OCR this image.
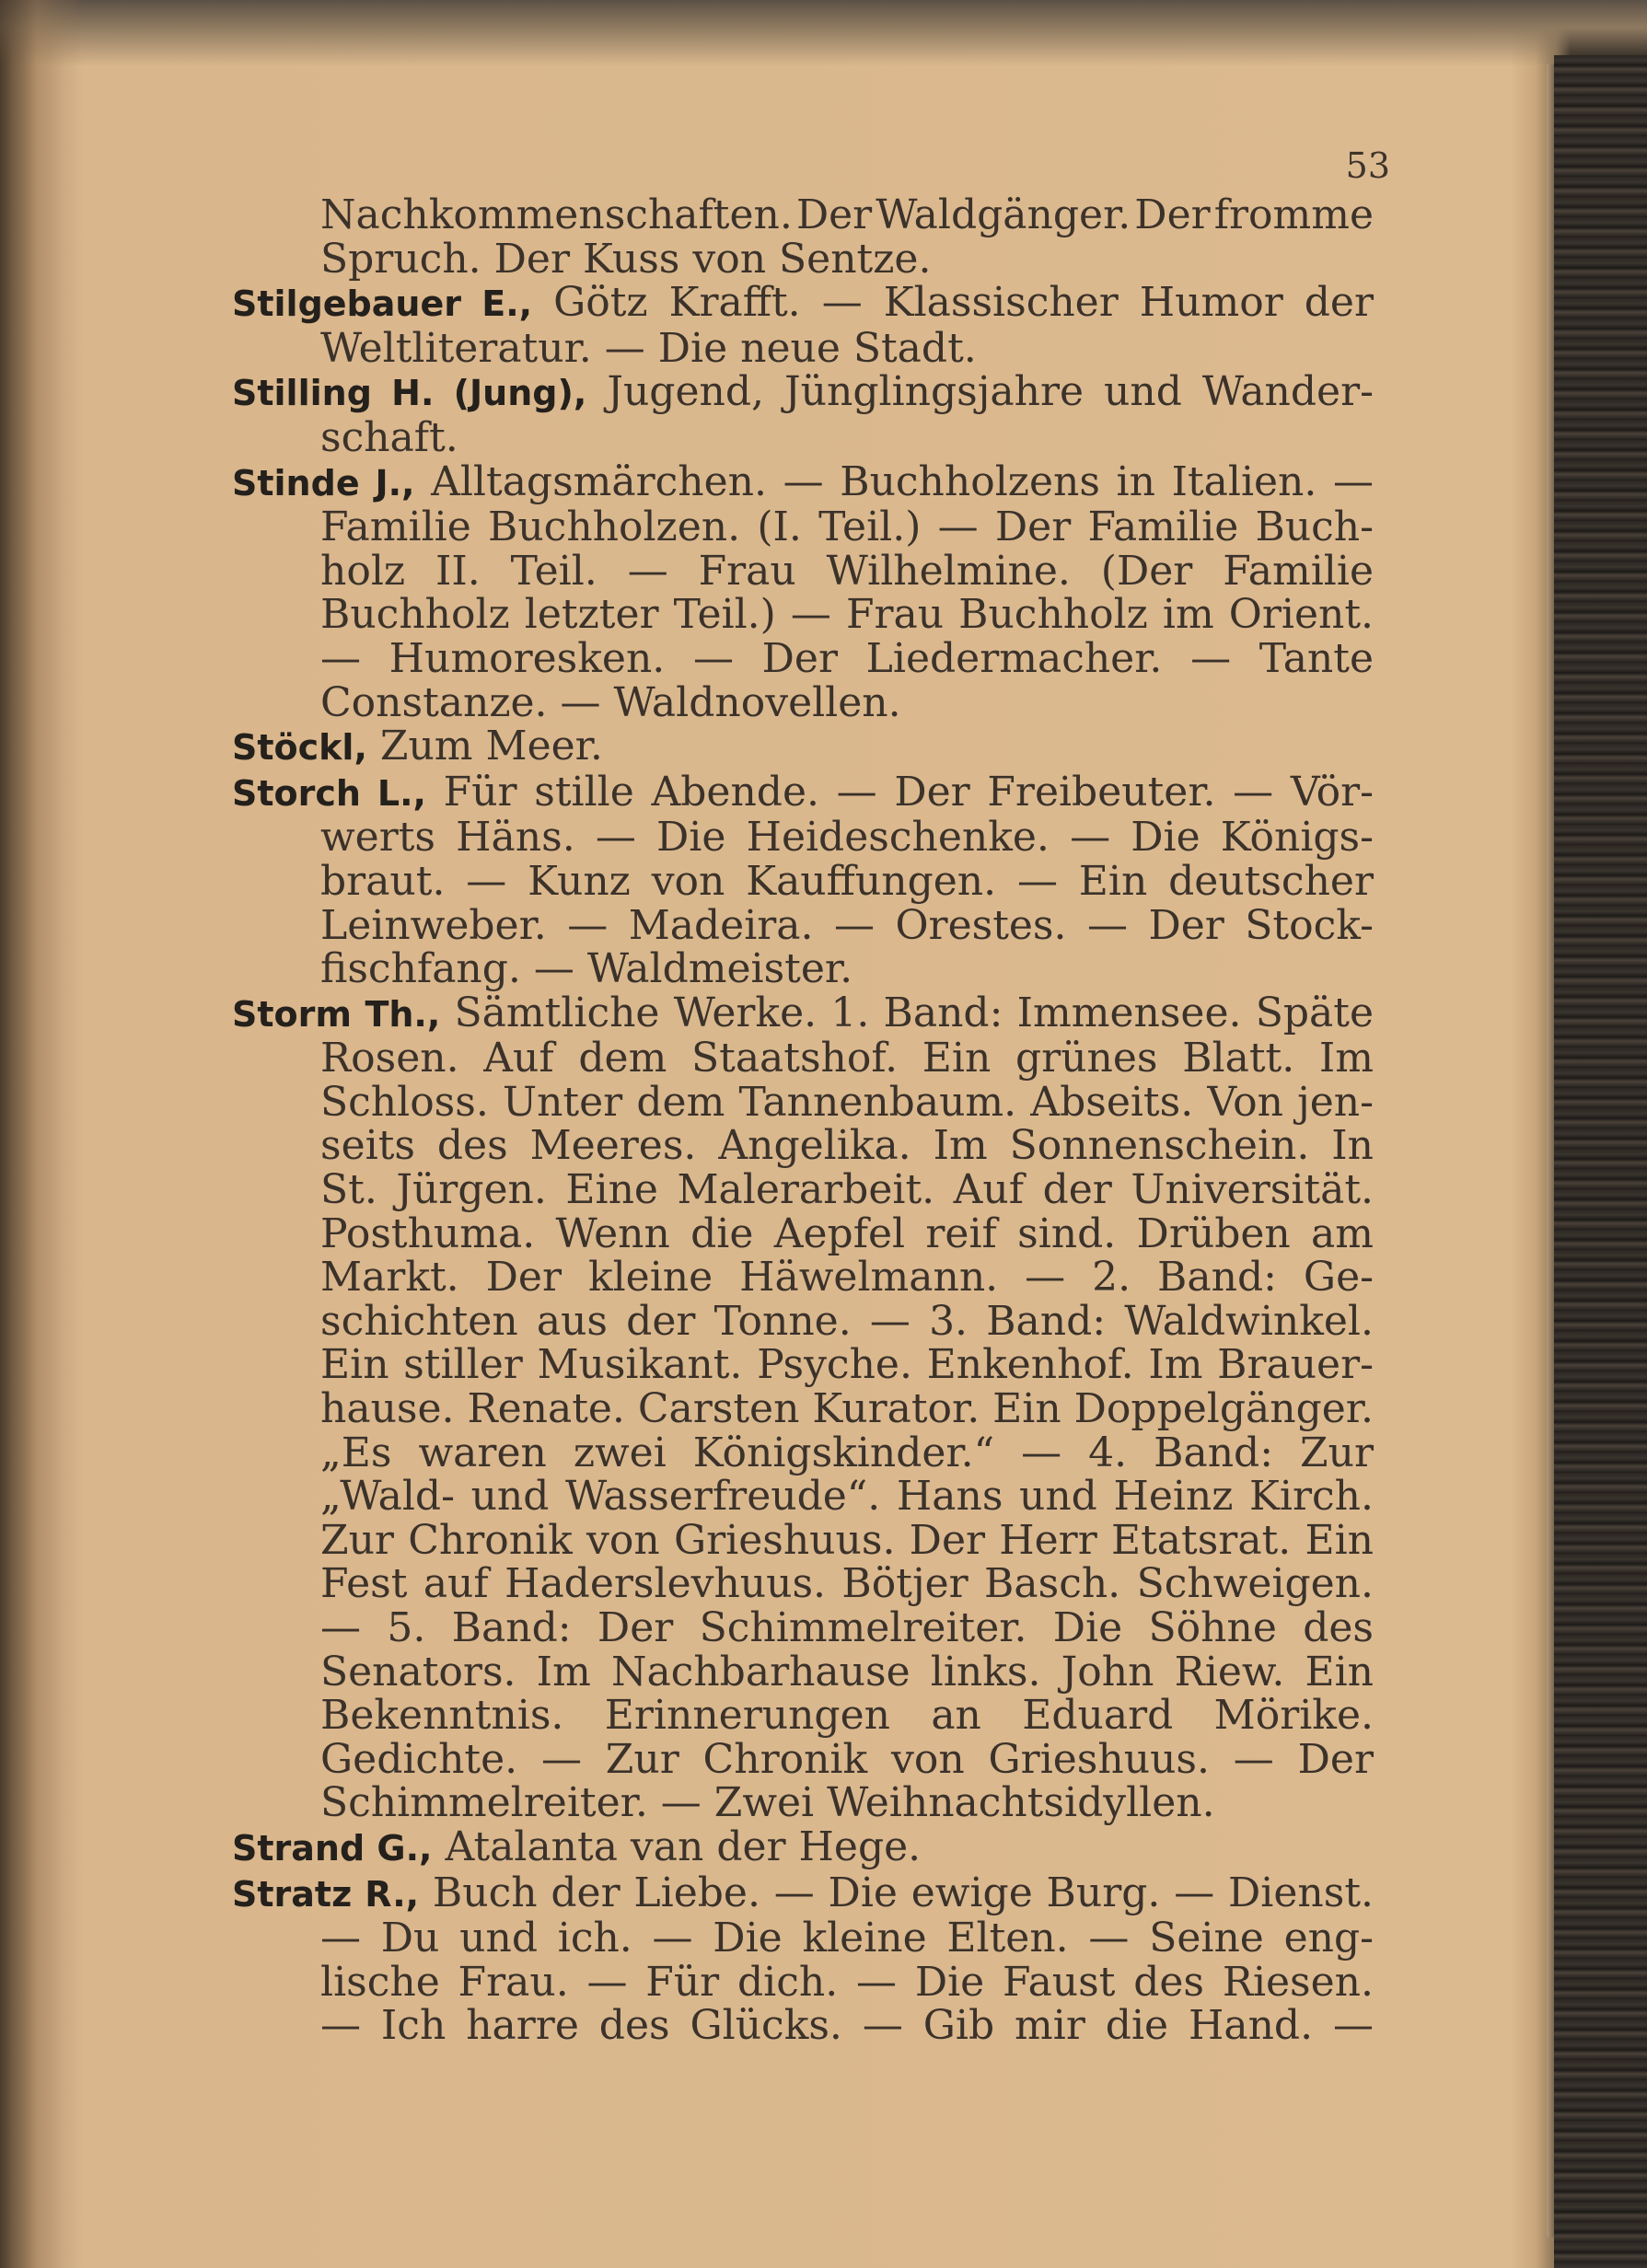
53
Nachkommenschaften. Der Waldgänger. Der fromme
Spruch. Der Kuss von Sentze.
Stilgebauer E., Götz Krafft. — Klassischer Humor der
Weltliteratur. — Die neue Stadt.
Stilling H. (Jung), Jugend, Jünglingsjahre und Wander-
schaft.
Stinde J., Alltagsmärchen. — Buchholzens in Italien. —
Familie Buchholzen. (I. Teil.) — Der Familie Buch-
holz II. Teil. — Frau Wilhelmine. (Der Familie
Buchholz letzter Teil.) — Frau Buchholz im Orient.
— Humoresken. — Der Liedermacher. — Tante
Constanze. — Waldnovellen.
Stöckl, Zum Meer.
Storch L., Für stille Abende. — Der Freibeuter. — Vör-
werts Häns. — Die Heideschenke. — Die Königs-
braut. — Kunz von Kauffungen. — Ein deutscher
Leinweber. — Madeira. — Orestes. — Der Stock-
fischfang. — Waldmeister.
Storm Th., Sämtliche Werke. 1. Band: Immensee. Späte
Rosen. Auf dem Staatshof. Ein grünes Blatt. Im
Schloss. Unter dem Tannenbaum. Abseits. Von jen-
seits des Meeres. Angelika. Im Sonnenschein. In
St. Jürgen. Eine Malerarbeit. Auf der Universität.
Posthuma. Wenn die Aepfel reif sind. Drüben am
Markt. Der kleine Häwelmann. — 2. Band: Ge-
schichten aus der Tonne. — 3. Band: Waldwinkel.
Ein stiller Musikant. Psyche. Enkenhof. Im Brauer-
hause. Renate. Carsten Kurator. Ein Doppelgänger.
„Es waren zwei Königskinder.“ — 4. Band: Zur
„Wald- und Wasserfreude“. Hans und Heinz Kirch.
Zur Chronik von Grieshuus. Der Herr Etatsrat. Ein
Fest auf Haderslevhuus. Bötjer Basch. Schweigen.
— 5. Band: Der Schimmelreiter. Die Söhne des
Senators. Im Nachbarhause links. John Riew. Ein
Bekenntnis. Erinnerungen an Eduard Mörike.
Gedichte. — Zur Chronik von Grieshuus. — Der
Schimmelreiter. — Zwei Weihnachtsidyllen.
Strand G., Atalanta van der Hege.
Stratz R., Buch der Liebe. — Die ewige Burg. — Dienst.
— Du und ich. — Die kleine Elten. — Seine eng-
lische Frau. — Für dich. — Die Faust des Riesen.
— Ich harre des Glücks. — Gib mir die Hand. —
